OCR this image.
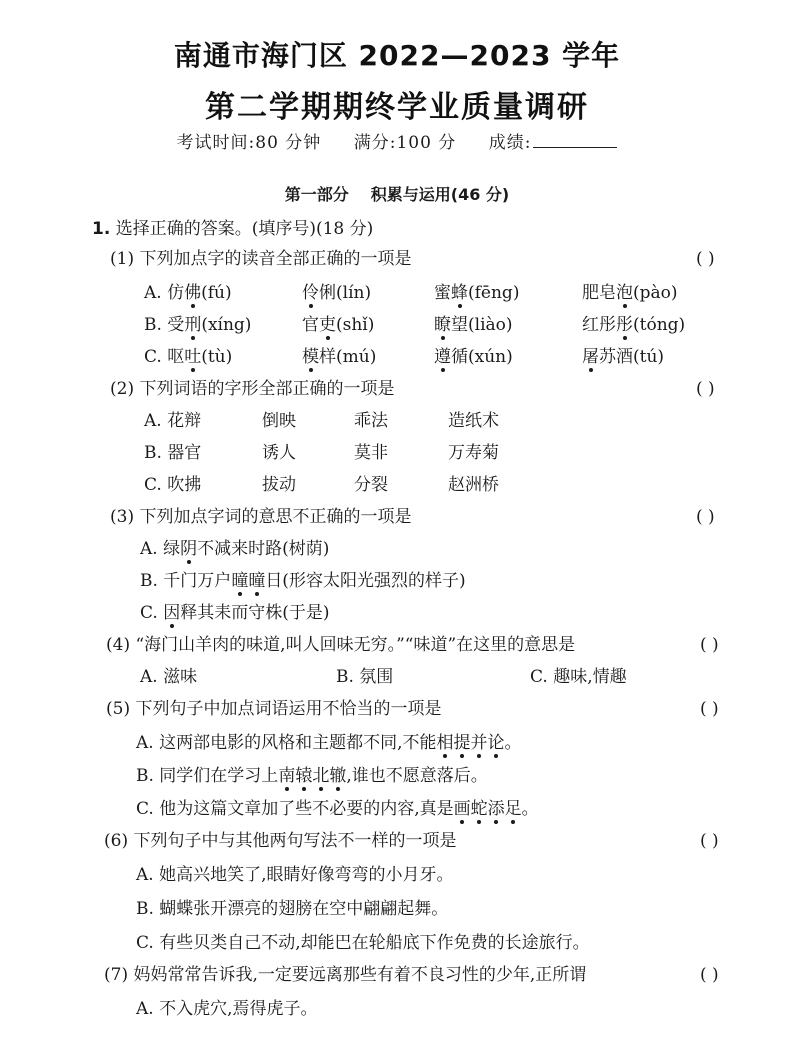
南通市海门区 2022—2023 学年
第二学期期终学业质量调研
考试时间:80 分钟 满分:100 分 成绩:
第一部分 积累与运用(46 分)
1. 选择正确的答案。(填序号)(18 分)
(1) 下列加点字的读音全部正确的一项是	( )
A. 仿佛(fú)	伶俐(lín)	蜜蜂(fēng)	肥皂泡(pào)
B. 受刑(xíng)	官吏(shǐ)	瞭望(liào)	红彤彤(tóng)
C. 呕吐(tù)	模样(mú)	遵循(xún)	屠苏酒(tú)
(2) 下列词语的字形全部正确的一项是	( )
A. 花辩	倒映	乖法	造纸术
B. 器官	诱人	莫非	万寿菊
C. 吹拂	拔动	分裂	赵洲桥
(3) 下列加点字词的意思不正确的一项是	( )
A. 绿阴不减来时路(树荫)
B. 千门万户曈曈日(形容太阳光强烈的样子)
C. 因释其耒而守株(于是)
(4) “海门山羊肉的味道,叫人回味无穷。”“味道”在这里的意思是	( )
A. 滋味	B. 氛围	C. 趣味,情趣
(5) 下列句子中加点词语运用不恰当的一项是	( )
A. 这两部电影的风格和主题都不同,不能相提并论。
B. 同学们在学习上南辕北辙,谁也不愿意落后。
C. 他为这篇文章加了些不必要的内容,真是画蛇添足。
(6) 下列句子中与其他两句写法不一样的一项是	( )
A. 她高兴地笑了,眼睛好像弯弯的小月牙。
B. 蝴蝶张开漂亮的翅膀在空中翩翩起舞。
C. 有些贝类自己不动,却能巴在轮船底下作免费的长途旅行。
(7) 妈妈常常告诉我,一定要远离那些有着不良习性的少年,正所谓	( )
A. 不入虎穴,焉得虎子。
